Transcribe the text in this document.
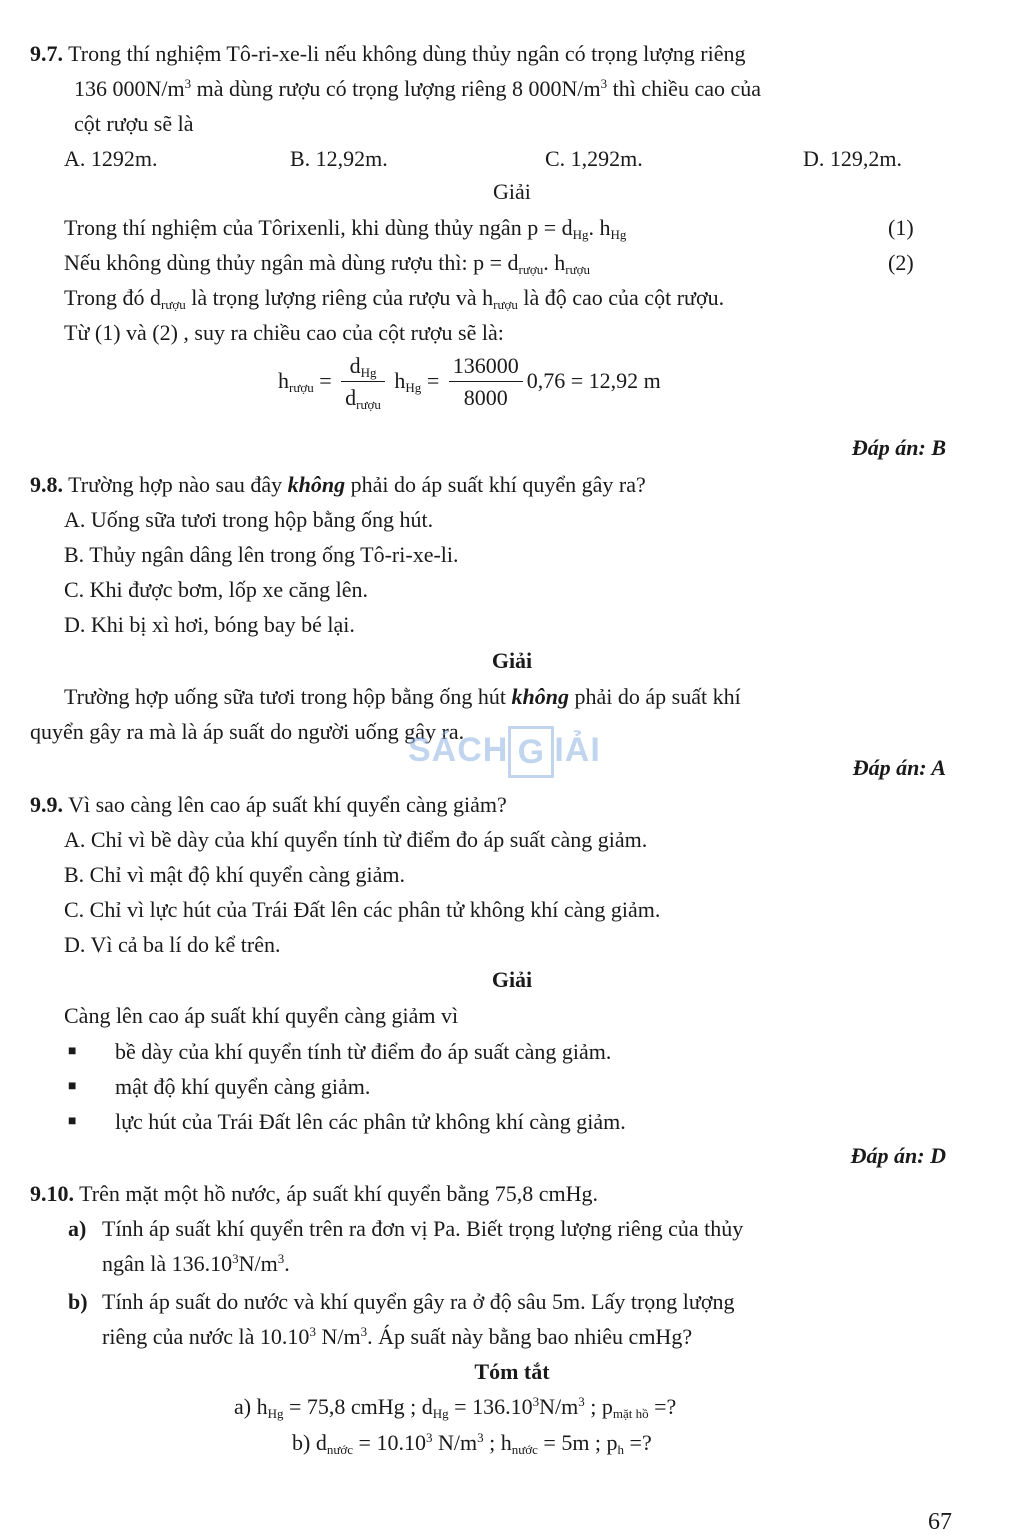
9.7. Trong thí nghiệm Tô-ri-xe-li nếu không dùng thủy ngân có trọng lượng riêng
136 $000N/m^3$ mà dùng rượu có trọng lượng riêng 8 $000N/m^3$ thì chiều cao của
cột rượu sẽ là
A. 1292m.	B. 12,92m.	C. 1,292m.	D. 129,2m.
Giải
Trong thí nghiệm của Tôrixenli, khi dùng thủy ngân $p = d_{Hg}$. $h_{Hg}$	(1)
Nếu không dùng thủy ngân mà dùng rượu thì: $p = d_{rượu}$. $h_{rượu}$	(2)
Trong đó $d_{rượu}$ là trọng lượng riêng của rượu và $h_{rượu}$ là độ cao của cột rượu.
Từ (1) và (2) , suy ra chiều cao của cột rượu sẽ là:
$h_{rượu} = \frac{d_{Hg}}{d_{rượu}} h_{Hg} = \frac{136000}{8000} 0,76 = 12,92$ m
Đáp án: B
9.8. Trường hợp nào sau đây không phải do áp suất khí quyển gây ra?
A. Uống sữa tươi trong hộp bằng ống hút.
B. Thủy ngân dâng lên trong ống Tô-ri-xe-li.
C. Khi được bơm, lốp xe căng lên.
D. Khi bị xì hơi, bóng bay bé lại.
Giải
Trường hợp uống sữa tươi trong hộp bằng ống hút không phải do áp suất khí
quyển gây ra mà là áp suất do người uống gây ra.
SÁCH G IẢI	Đáp án: A
9.9. Vì sao càng lên cao áp suất khí quyển càng giảm?
A. Chỉ vì bề dày của khí quyển tính từ điểm đo áp suất càng giảm.
B. Chỉ vì mật độ khí quyển càng giảm.
C. Chỉ vì lực hút của Trái Đất lên các phân tử không khí càng giảm.
D. Vì cả ba lí do kể trên.
Giải
Càng lên cao áp suất khí quyển càng giảm vì
■ bề dày của khí quyển tính từ điểm đo áp suất càng giảm.
■ mật độ khí quyển càng giảm.
■ lực hút của Trái Đất lên các phân tử không khí càng giảm.
Đáp án: D
9.10. Trên mặt một hồ nước, áp suất khí quyển bằng 75,8 cmHg.
a) Tính áp suất khí quyển trên ra đơn vị Pa. Biết trọng lượng riêng của thủy
ngân là $136.10^3N/m^3$.
b) Tính áp suất do nước và khí quyển gây ra ở độ sâu 5m. Lấy trọng lượng
riêng của nước là 10.10$^3$ $N/m^3$. Áp suất này bằng bao nhiêu cmHg?
Tóm tắt
a) $h_{Hg} = 75,8$ cmHg ; $d_{Hg} = 136.10^3N/m^3$ ; $p_{mặt hồ}$ =?
b) $d_{nước} = 10.10^3$ $N/m^3$ ; $h_{nước} = 5m$ ; $p_h$ =?
67
